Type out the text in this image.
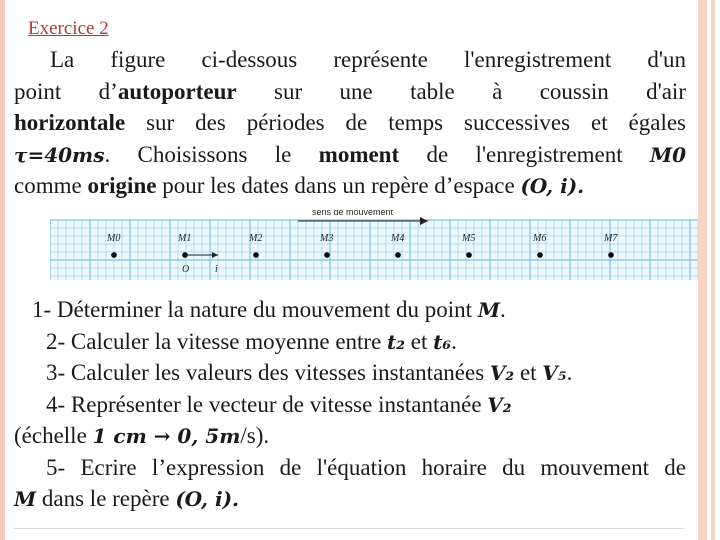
Exercice 2
La figure ci-dessous représente l'enregistrement d'un
point d’autoporteur sur une table à coussin d'air
horizontale sur des périodes de temps successives et égales
τ=40ms. Choisissons le moment de l'enregistrement M0
comme origine pour les dates dans un repère d’espace (O, i).
sens de mouvement
M0	M1	M2	M3	M4	M5	M6	M7
O	i
1- Déterminer la nature du mouvement du point M.
2- Calculer la vitesse moyenne entre t₂ et t₆.
3- Calculer les valeurs des vitesses instantanées V₂ et V₅.
4- Représenter le vecteur de vitesse instantanée V₂
(échelle 1 cm → 0, 5m/s).
5- Ecrire l’expression de l'équation horaire du mouvement de
M dans le repère (O, i).
